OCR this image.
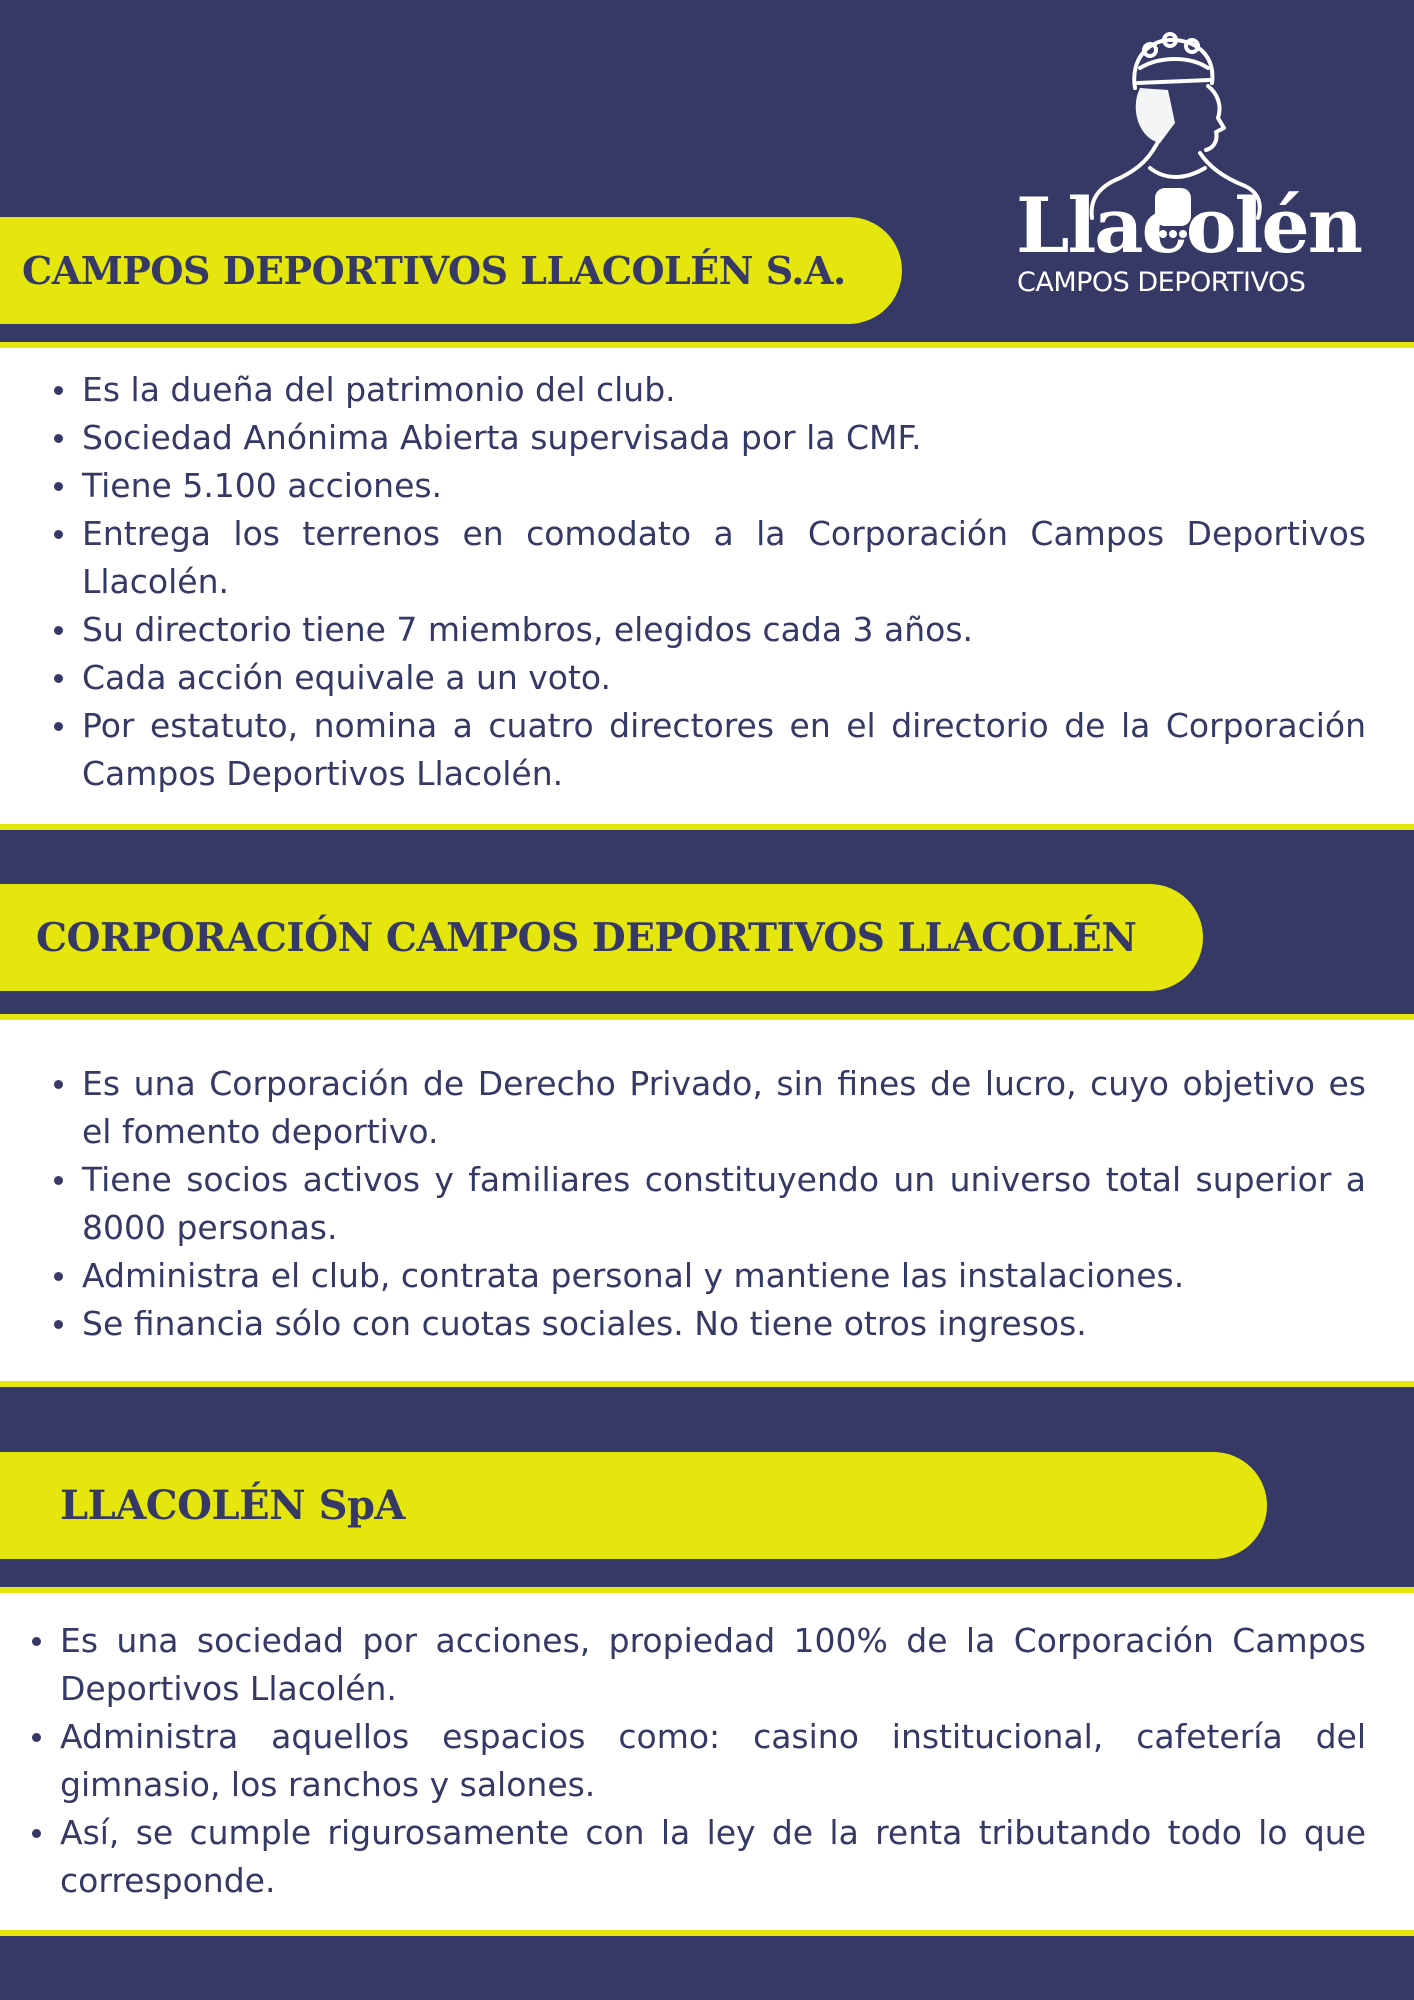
CAMPOS DEPORTIVOS LLACOLÉN S.A.
Llacolén
CAMPOS DEPORTIVOS
Es la dueña del patrimonio del club.
Sociedad Anónima Abierta supervisada por la CMF.
Tiene 5.100 acciones.
Entrega los terrenos en comodato a la Corporación Campos Deportivos Llacolén.
Su directorio tiene 7 miembros, elegidos cada 3 años.
Cada acción equivale a un voto.
Por estatuto, nomina a cuatro directores en el directorio de la Corporación Campos Deportivos Llacolén.
CORPORACIÓN CAMPOS DEPORTIVOS LLACOLÉN
Es una Corporación de Derecho Privado, sin fines de lucro, cuyo objetivo es el fomento deportivo.
Tiene socios activos y familiares constituyendo un universo total superior a 8000 personas.
Administra el club, contrata personal y mantiene las instalaciones.
Se financia sólo con cuotas sociales. No tiene otros ingresos.
LLACOLÉN SpA
Es una sociedad por acciones, propiedad 100% de la Corporación Campos Deportivos Llacolén.
Administra aquellos espacios como: casino institucional, cafetería del gimnasio, los ranchos y salones.
Así, se cumple rigurosamente con la ley de la renta tributando todo lo que corresponde.
